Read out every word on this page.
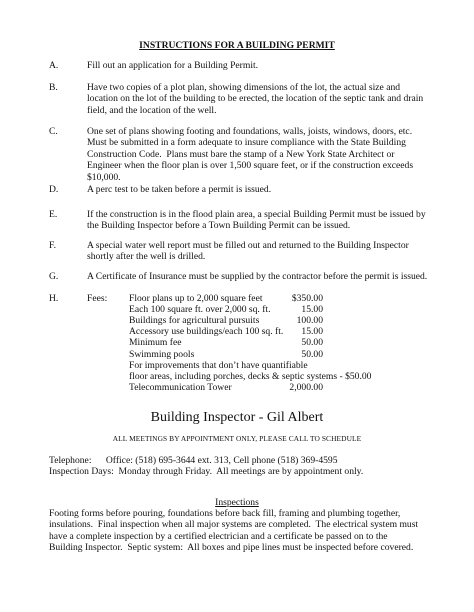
INSTRUCTIONS FOR A BUILDING PERMIT
A.	Fill out an application for a Building Permit.
B.	Have two copies of a plot plan, showing dimensions of the lot, the actual size and
location on the lot of the building to be erected, the location of the septic tank and drain
field, and the location of the well.
C.	One set of plans showing footing and foundations, walls, joists, windows, doors, etc.
Must be submitted in a form adequate to insure compliance with the State Building
Construction Code.  Plans must bare the stamp of a New York State Architect or
Engineer when the floor plan is over 1,500 square feet, or if the construction exceeds
$10,000.
D.	A perc test to be taken before a permit is issued.
E.	If the construction is in the flood plain area, a special Building Permit must be issued by
the Building Inspector before a Town Building Permit can be issued.
F.	A special water well report must be filled out and returned to the Building Inspector
shortly after the well is drilled.
G.	A Certificate of Insurance must be supplied by the contractor before the permit is issued.
H.	Fees: Floor plans up to 2,000 square feet	$350.00
Each 100 square ft. over 2,000 sq. ft.	15.00
Buildings for agricultural pursuits	100.00
Accessory use buildings/each 100 sq. ft. 15.00
Minimum fee	50.00
Swimming pools	50.00
For improvements that don’t have quantifiable
floor areas, including porches, decks & septic systems - $50.00
Telecommunication Tower	2,000.00
Building Inspector - Gil Albert
ALL MEETINGS BY APPOINTMENT ONLY, PLEASE CALL TO SCHEDULE
Telephone:      Office: (518) 695-3644 ext. 313, Cell phone (518) 369-4595
Inspection Days:  Monday through Friday.  All meetings are by appointment only.
Inspections
Footing forms before pouring, foundations before back fill, framing and plumbing together,
insulations.  Final inspection when all major systems are completed.  The electrical system must
have a complete inspection by a certified electrician and a certificate be passed on to the
Building Inspector.  Septic system:  All boxes and pipe lines must be inspected before covered.
